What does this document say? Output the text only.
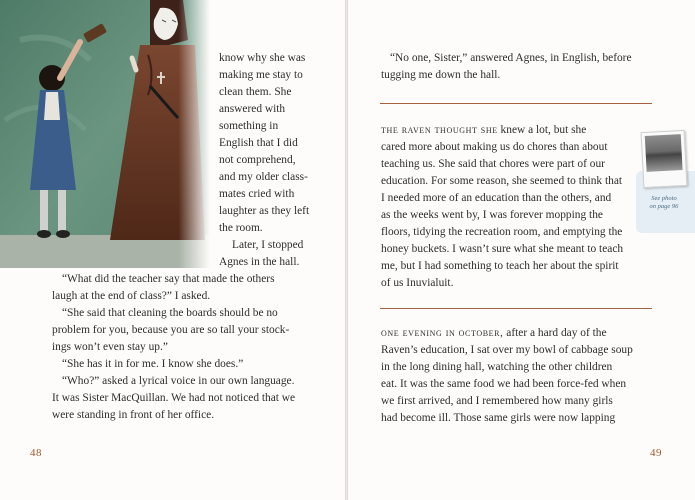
know why she was
making me stay to
clean them. She
answered with
something in
English that I did
not comprehend,
and my older class-
mates cried with
laughter as they left
the room.
Later, I stopped
Agnes in the hall.
“What did the teacher say that made the others
laugh at the end of class?” I asked.
“She said that cleaning the boards should be no
problem for you, because you are so tall your stock-
ings won’t even stay up.”
“She has it in for me. I know she does.”
“Who?” asked a lyrical voice in our own language.
It was Sister MacQuillan. We had not noticed that we
were standing in front of her office.
48
“No one, Sister,” answered Agnes, in English, before
tugging me down the hall.
the raven thought she knew a lot, but she
cared more about making us do chores than about
teaching us. She said that chores were part of our
education. For some reason, she seemed to think that
I needed more of an education than the others, and
as the weeks went by, I was forever mopping the
floors, tidying the recreation room, and emptying the
honey buckets. I wasn’t sure what she meant to teach
me, but I had something to teach her about the spirit
of us Inuvialuit.
one evening in october, after a hard day of the
Raven’s education, I sat over my bowl of cabbage soup
in the long dining hall, watching the other children
eat. It was the same food we had been force-fed when
we first arrived, and I remembered how many girls
had become ill. Those same girls were now lapping
See photo
on page 96
49
